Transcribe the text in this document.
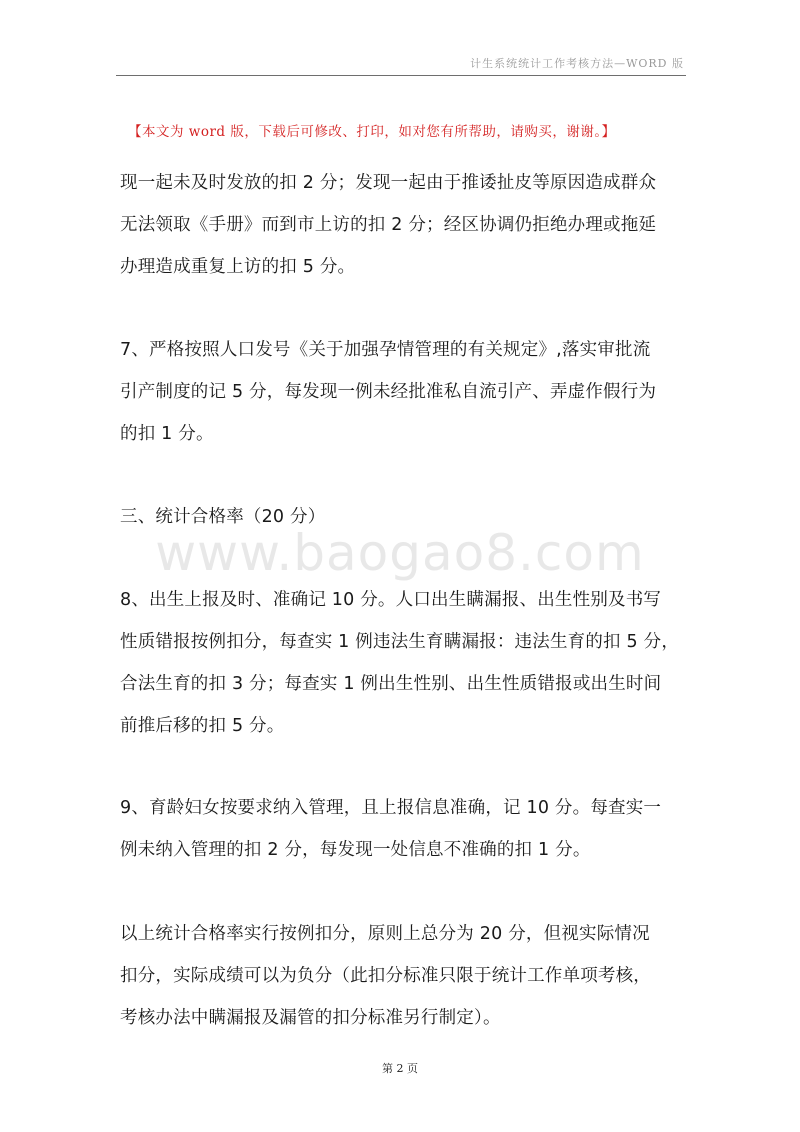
计生系统统计工作考核方法—WORD 版
【本文为 word 版，下载后可修改、打印，如对您有所帮助，请购买，谢谢。】
www.baogao8.com

现一起未及时发放的扣 2 分；发现一起由于推诿扯皮等原因造成群众
无法领取《手册》而到市上访的扣 2 分；经区协调仍拒绝办理或拖延
办理造成重复上访的扣 5 分。

7、严格按照人口发号《关于加强孕情管理的有关规定》,落实审批流
引产制度的记 5 分，每发现一例未经批准私自流引产、弄虚作假行为
的扣 1 分。

三、统计合格率（20 分）

8、出生上报及时、准确记 10 分。人口出生瞒漏报、出生性别及书写
性质错报按例扣分，每查实 1 例违法生育瞒漏报：违法生育的扣 5 分，
合法生育的扣 3 分；每查实 1 例出生性别、出生性质错报或出生时间
前推后移的扣 5 分。

9、育龄妇女按要求纳入管理，且上报信息准确，记 10 分。每查实一
例未纳入管理的扣 2 分，每发现一处信息不准确的扣 1 分。

以上统计合格率实行按例扣分，原则上总分为 20 分，但视实际情况
扣分，实际成绩可以为负分（此扣分标准只限于统计工作单项考核，
考核办法中瞒漏报及漏管的扣分标准另行制定）。

第 2 页
